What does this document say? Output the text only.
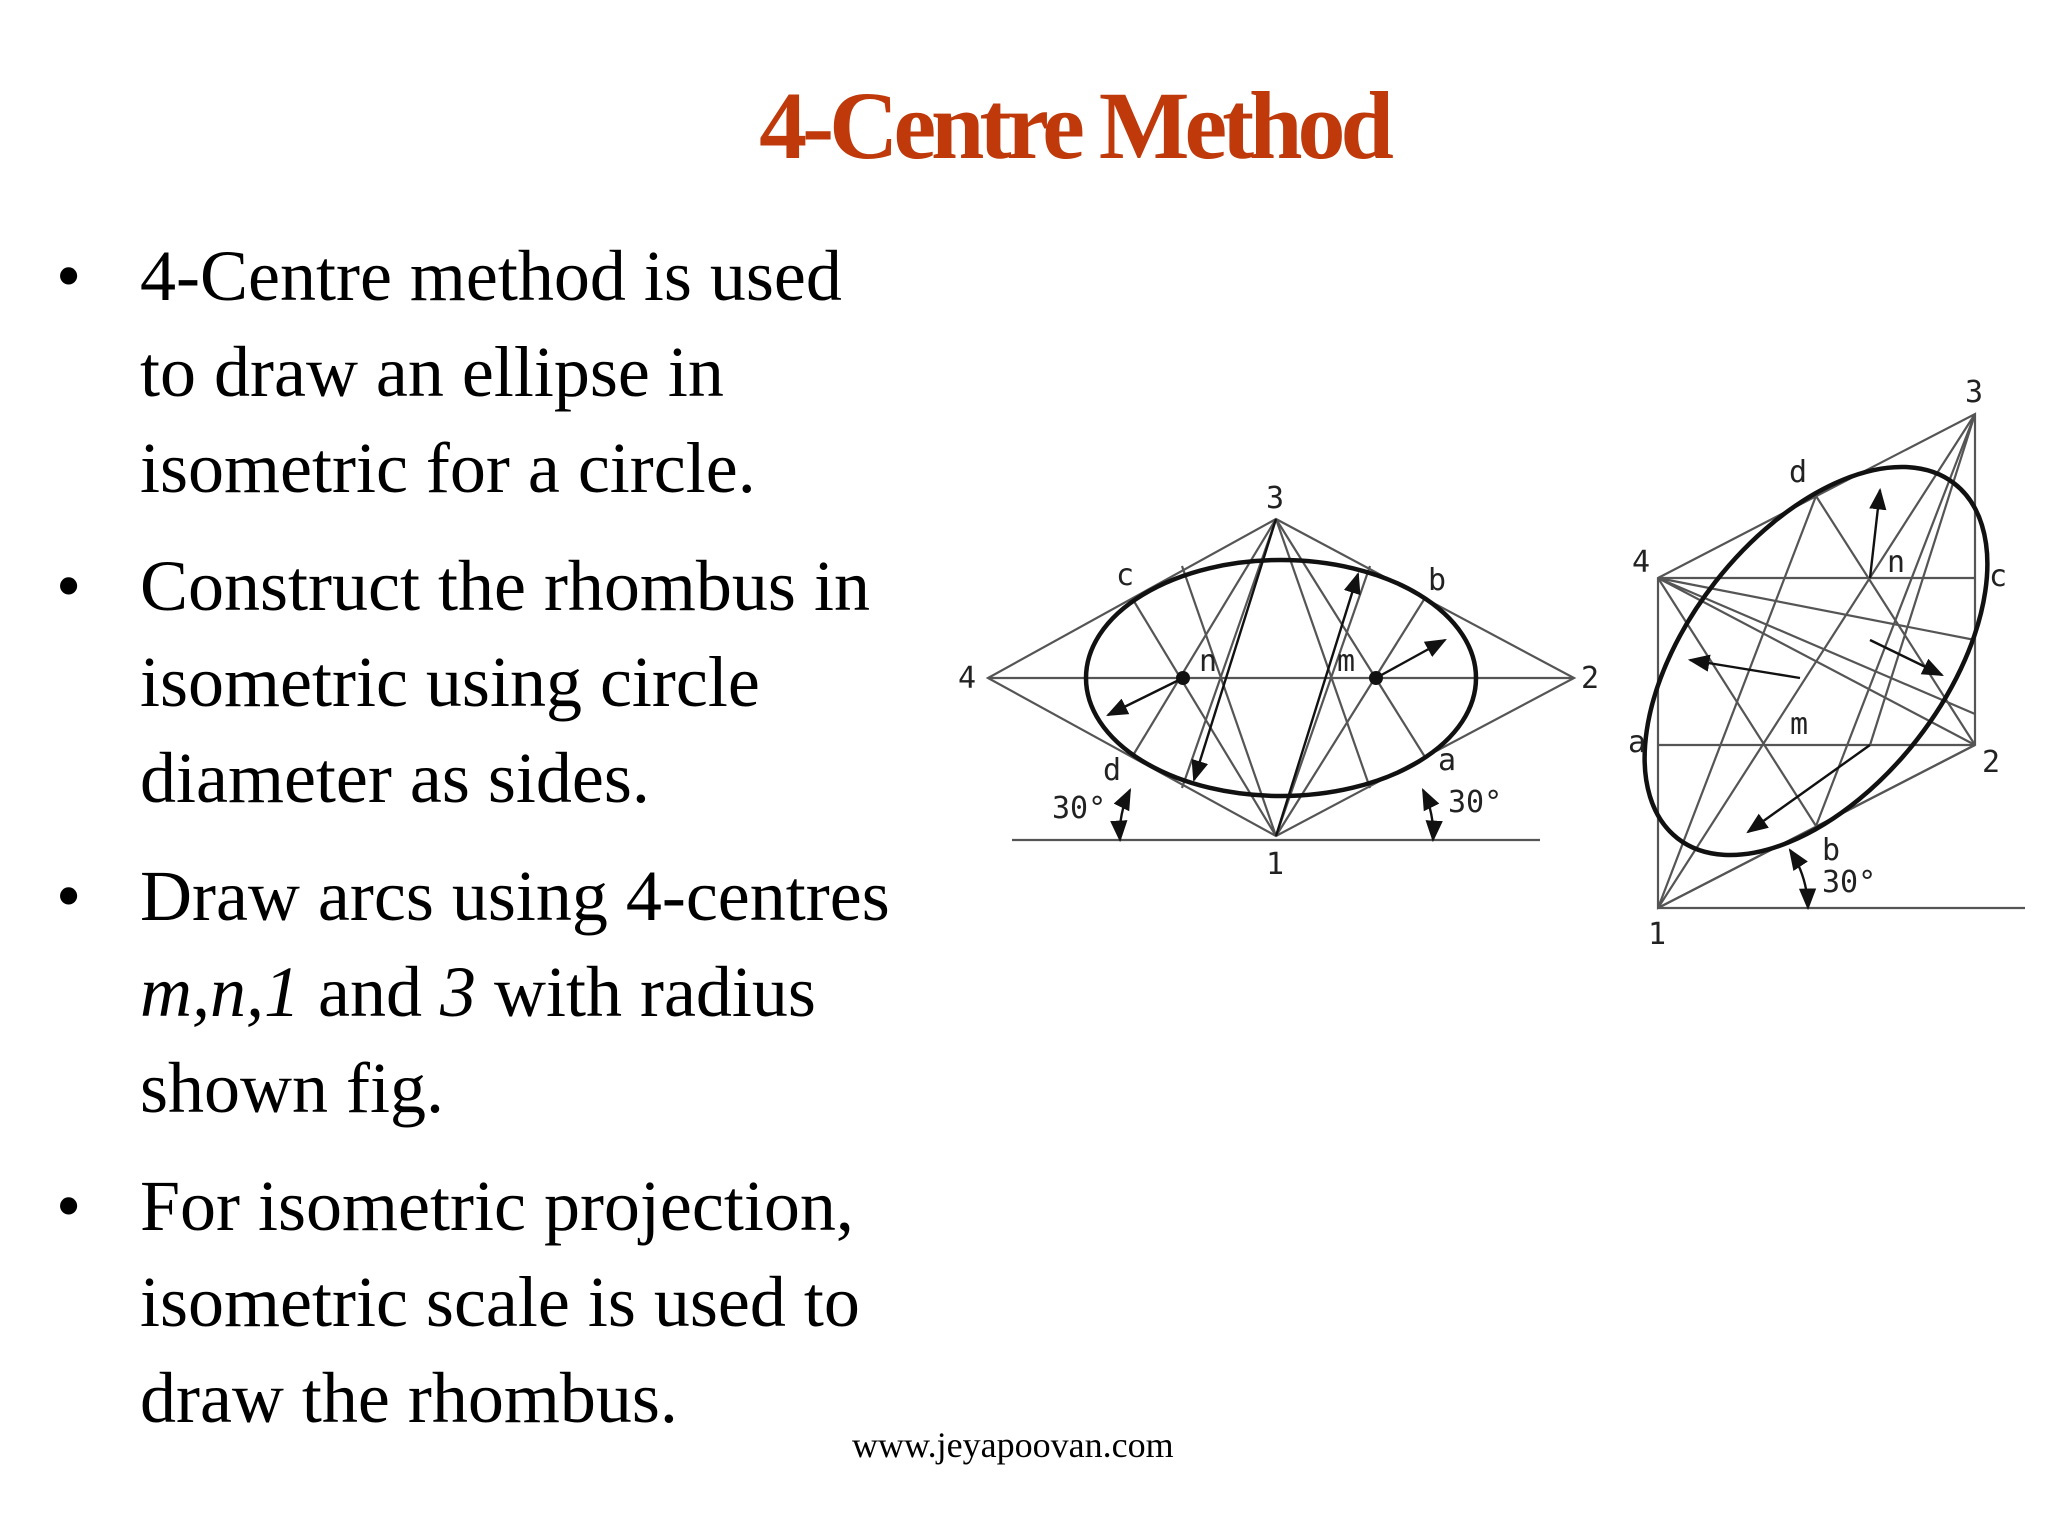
4-Centre Method
• 4-Centre method is used
to draw an ellipse in
isometric for a circle.
• Construct the rhombus in
isometric using circle
diameter as sides.
• Draw arcs using 4-centres
m,n,1 and 3 with radius
shown fig.
• For isometric projection,
isometric scale is used to
draw the rhombus.
3
2
4
1
c	b
d	a
n	m
30°	30°
3
2
4
1
d
c
a
b
n
m
30°
www.jeyapoovan.com
